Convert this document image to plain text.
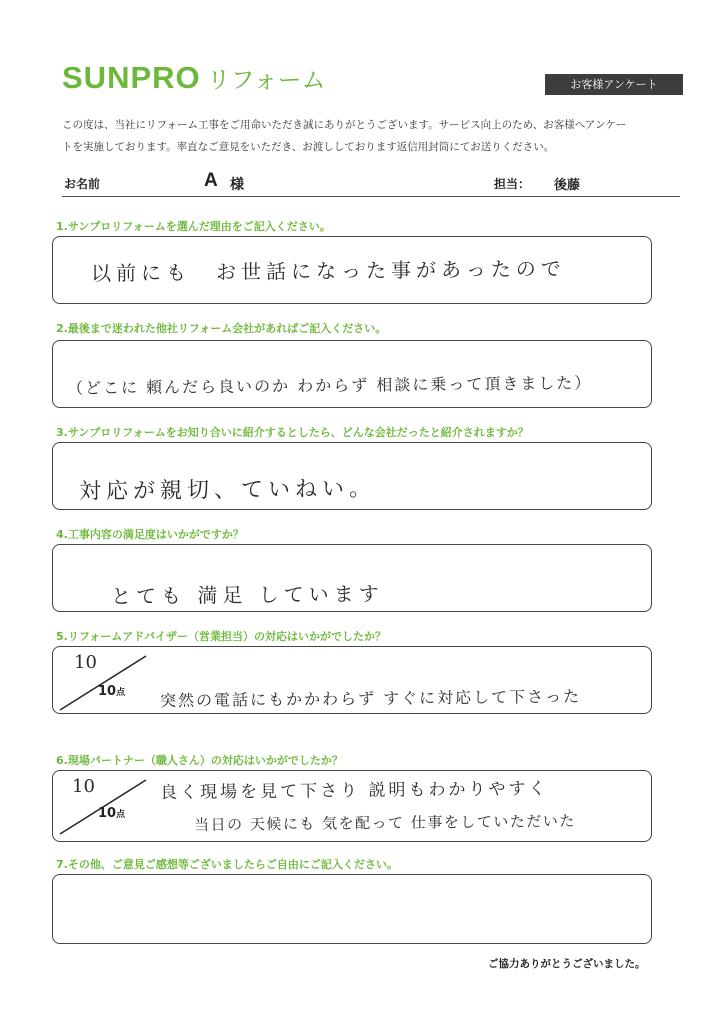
SUNPRO リフォーム	お客様アンケート
この度は、当社にリフォーム工事をご用命いただき誠にありがとうございます。サービス向上のため、お客様へアンケー
トを実施しております。率直なご意見をいただき、お渡ししております返信用封筒にてお送りください。
お名前	A 様	担当： 後藤
1.サンプロリフォームを選んだ理由をご記入ください。
以前にも　お世話になった事があったので
2.最後まで迷われた他社リフォーム会社があればご記入ください。
（どこに 頼んだら良いのか わからず 相談に乗って頂きました）
3.サンプロリフォームをお知り合いに紹介するとしたら、どんな会社だったと紹介されますか？
対応が親切、ていねい。
4.工事内容の満足度はいかがですか？
とても 満足 しています
5.リフォームアドバイザー（営業担当）の対応はいかがでしたか？
10
10点 突然の電話にもかかわらず すぐに対応して下さった
6.現場パートナー（職人さん）の対応はいかがでしたか？
10
10点
良く現場を見て下さり 説明もわかりやすく
当日の 天候にも 気を配って 仕事をしていただいた
7.その他、ご意見ご感想等ございましたらご自由にご記入ください。
ご協力ありがとうございました。
